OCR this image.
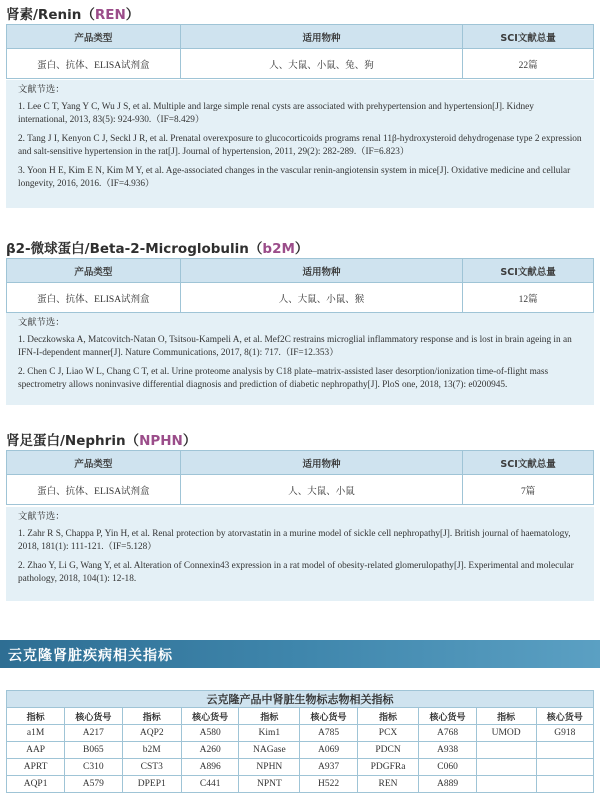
肾素/Renin（REN）
产品类型	适用物种	SCI文献总量
蛋白、抗体、ELISA试剂盒	人、大鼠、小鼠、兔、狗	22篇
文献节选：

1. Lee C T, Yang Y C, Wu J S, et al. Multiple and large simple renal cysts are associated with prehypertension and hypertension[J]. Kidney international, 2013, 83(5): 924-930.（IF=8.429）

2. Tang J I, Kenyon C J, Seckl J R, et al. Prenatal overexposure to glucocorticoids programs renal 11β-hydroxysteroid dehydrogenase type 2 expression and salt-sensitive hypertension in the rat[J]. Journal of hypertension, 2011, 29(2): 282-289.（IF=6.823）

3. Yoon H E, Kim E N, Kim M Y, et al. Age-associated changes in the vascular renin-angiotensin system in mice[J]. Oxidative medicine and cellular longevity, 2016, 2016.（IF=4.936）

β2-微球蛋白/Beta-2-Microglobulin（b2M）
产品类型	适用物种	SCI文献总量
蛋白、抗体、ELISA试剂盒	人、大鼠、小鼠、猴	12篇
文献节选：

1. Deczkowska A, Matcovitch-Natan O, Tsitsou-Kampeli A, et al. Mef2C restrains microglial inflammatory response and is lost in brain ageing in an IFN-I-dependent manner[J]. Nature Communications, 2017, 8(1): 717.（IF=12.353）

2. Chen C J, Liao W L, Chang C T, et al. Urine proteome analysis by C18 plate–matrix-assisted laser desorption/ionization time-of-flight mass spectrometry allows noninvasive differential diagnosis and prediction of diabetic nephropathy[J]. PloS one, 2018, 13(7): e0200945.

肾足蛋白/Nephrin（NPHN）
产品类型	适用物种	SCI文献总量
蛋白、抗体、ELISA试剂盒	人、大鼠、小鼠	7篇
文献节选：

1. Zahr R S, Chappa P, Yin H, et al. Renal protection by atorvastatin in a murine model of sickle cell nephropathy[J]. British journal of haematology, 2018, 181(1): 111-121.（IF=5.128）

2. Zhao Y, Li G, Wang Y, et al. Alteration of Connexin43 expression in a rat model of obesity-related glomerulopathy[J]. Experimental and molecular pathology, 2018, 104(1): 12-18.

云克隆肾脏疾病相关指标
云克隆产品中肾脏生物标志物相关指标									
指标	核心货号	指标	核心货号	指标	核心货号	指标	核心货号	指标	核心货号
a1M	A217	AQP2	A580	Kim1	A785	PCX	A768	UMOD	G918
AAP	B065	b2M	A260	NAGase	A069	PDCN	A938		
APRT	C310	CST3	A896	NPHN	A937	PDGFRa	C060		
AQP1	A579	DPEP1	C441	NPNT	H522	REN	A889		
